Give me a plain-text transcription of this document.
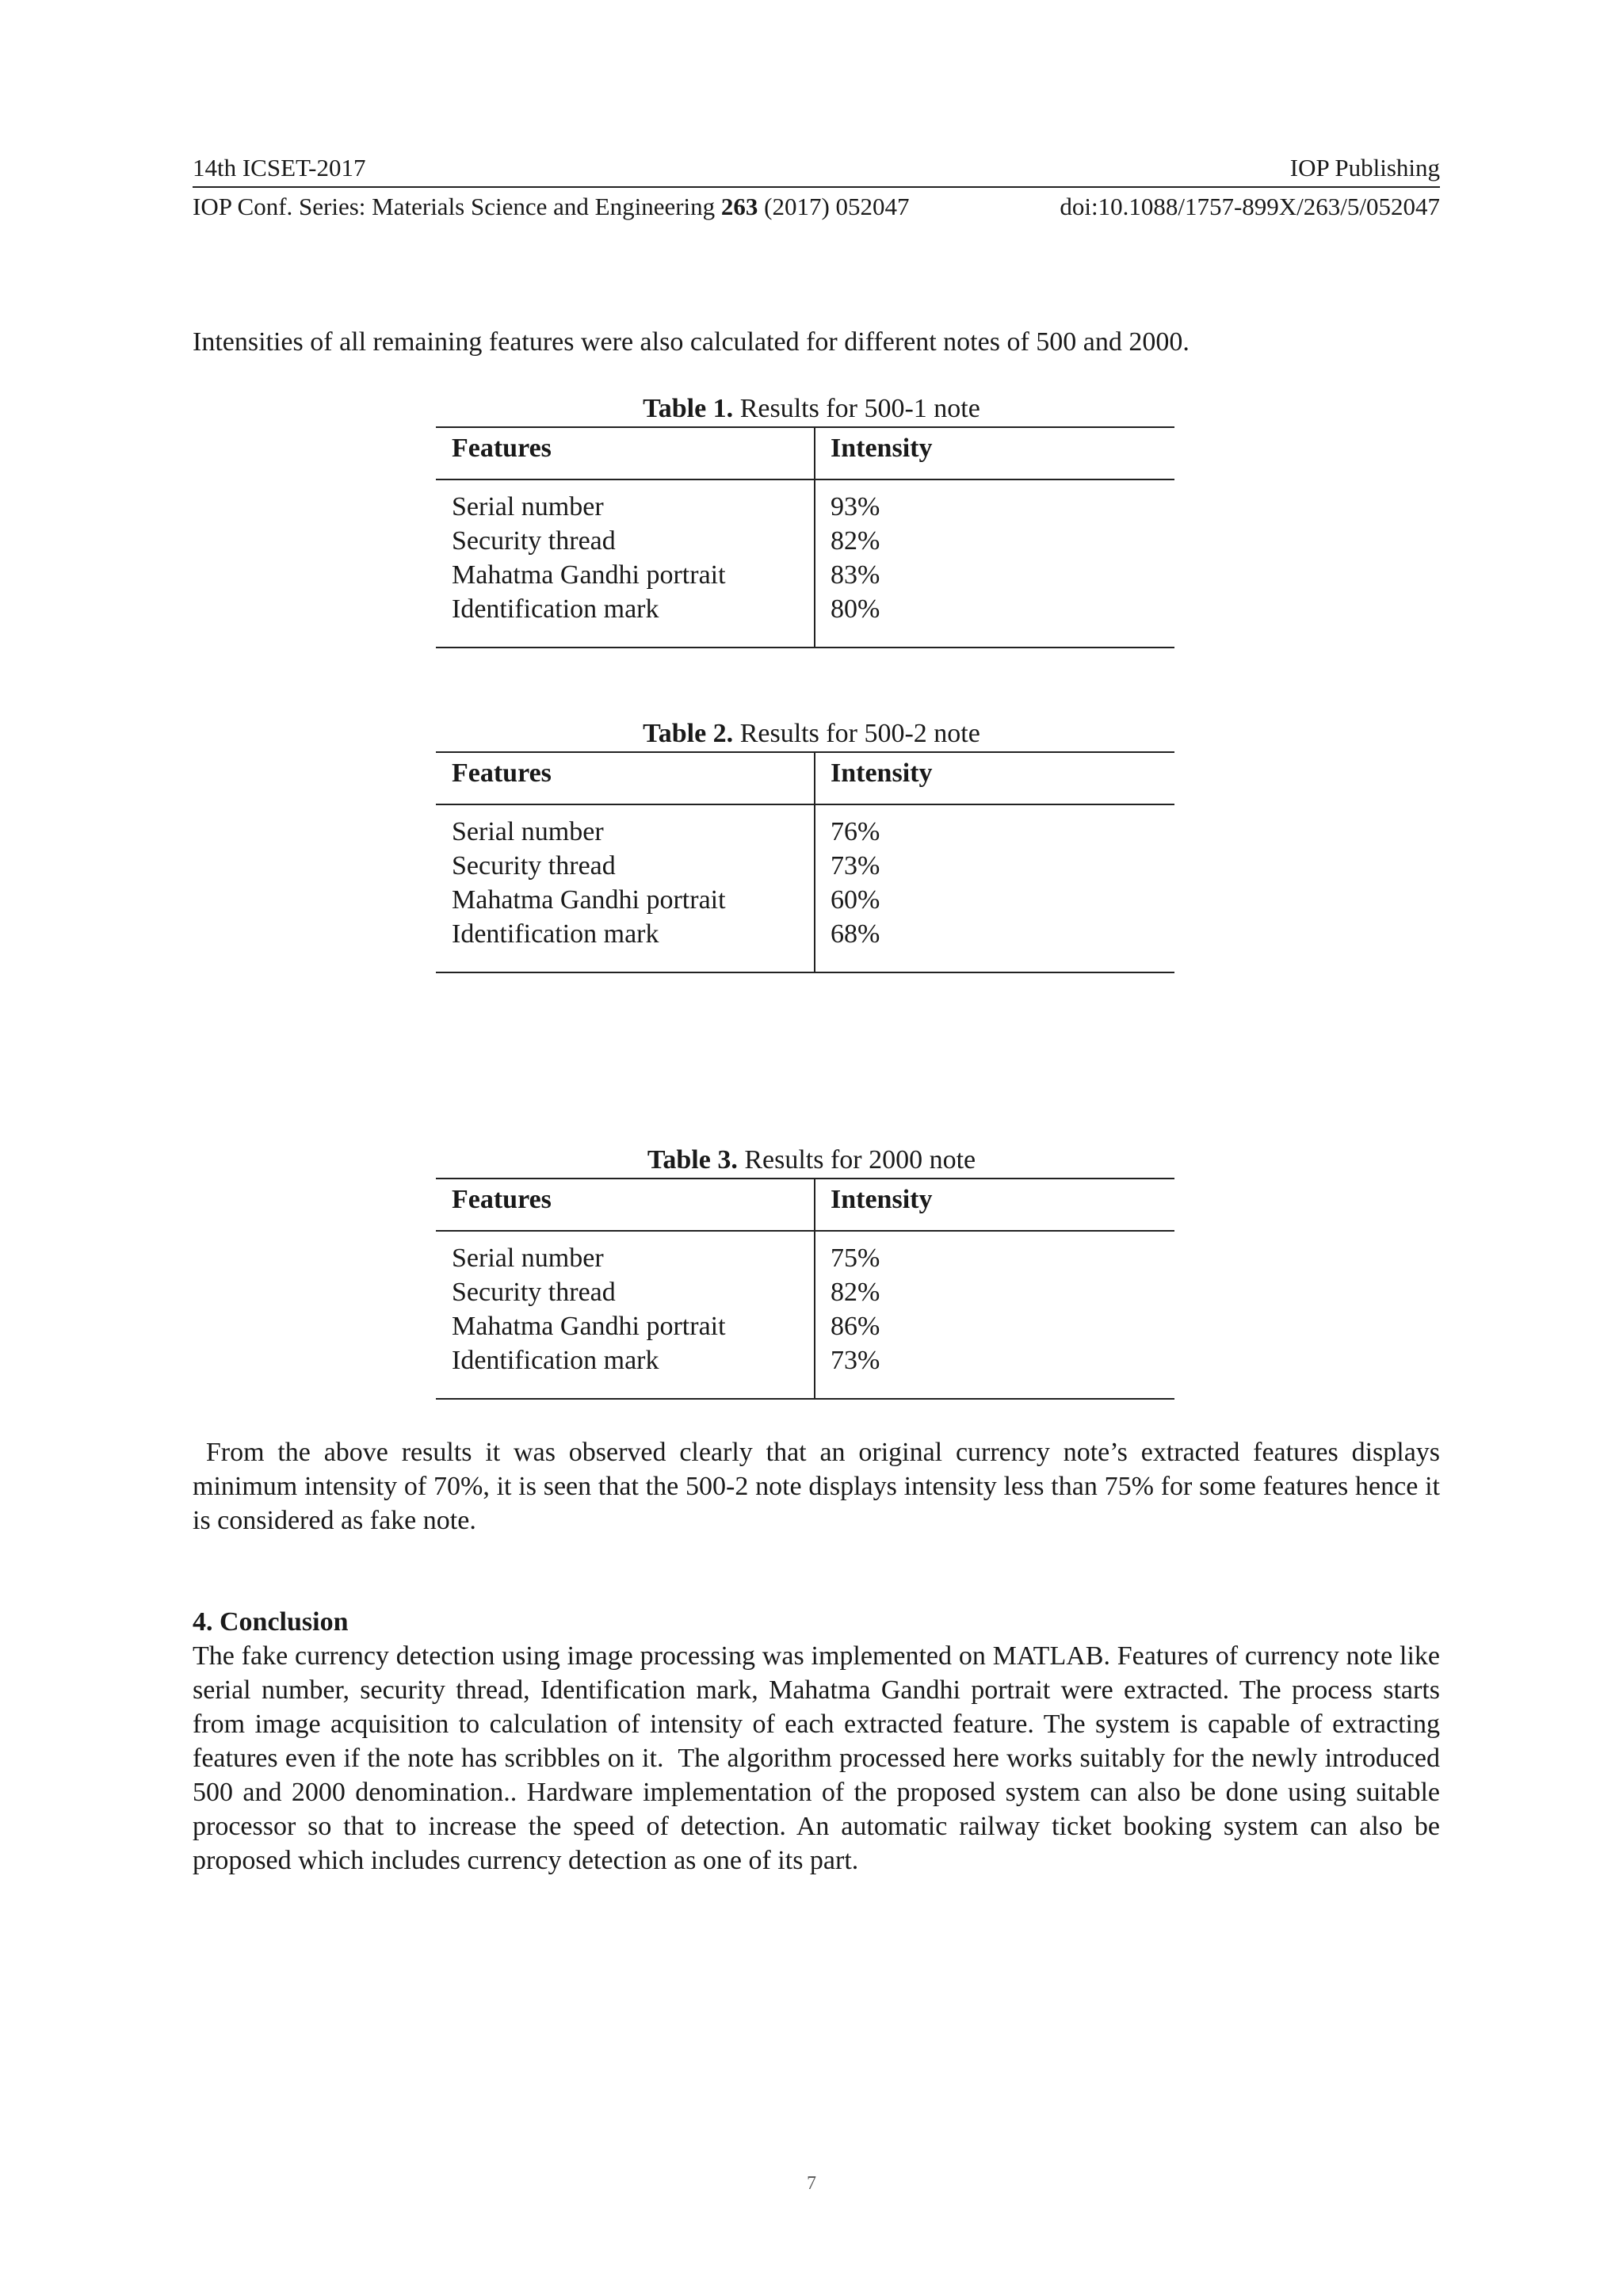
14th ICSET-2017	IOP Publishing
IOP Conf. Series: Materials Science and Engineering 263 (2017) 052047	doi:10.1088/1757-899X/263/5/052047
Intensities of all remaining features were also calculated for different notes of 500 and 2000.
Table 1. Results for 500-1 note
Features	Intensity
Serial number	93%
Security thread	82%
Mahatma Gandhi portrait	83%
Identification mark	80%
Table 2. Results for 500-2 note
Features	Intensity
Serial number	76%
Security thread	73%
Mahatma Gandhi portrait	60%
Identification mark	68%
Table 3. Results for 2000 note
Features	Intensity
Serial number	75%
Security thread	82%
Mahatma Gandhi portrait	86%
Identification mark	73%
From the above results it was observed clearly that an original currency note’s extracted features displays minimum intensity of 70%, it is seen that the 500-2 note displays intensity less than 75% for some features hence it is considered as fake note.
4. Conclusion
The fake currency detection using image processing was implemented on MATLAB. Features of currency note like serial number, security thread, Identification mark, Mahatma Gandhi portrait were extracted. The process starts from image acquisition to calculation of intensity of each extracted feature. The system is capable of extracting features even if the note has scribbles on it.  The algorithm processed here works suitably for the newly introduced 500 and 2000 denomination.. Hardware implementation of the proposed system can also be done using suitable processor so that to increase the speed of detection. An automatic railway ticket booking system can also be proposed which includes currency detection as one of its part.
7
